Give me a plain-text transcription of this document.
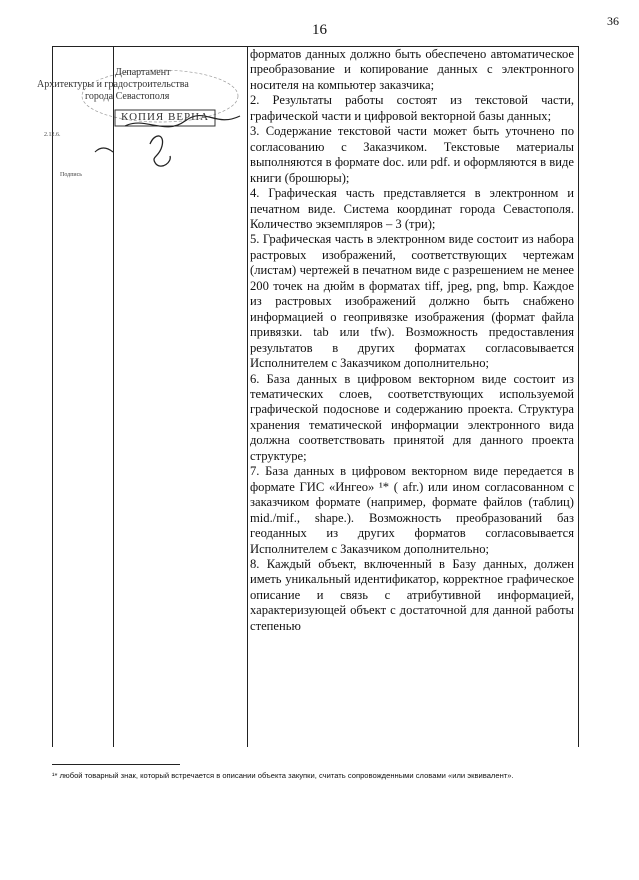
16
36

форматов данных должно быть обеспечено автоматическое преобразование и копирование данных с электронного носителя на компьютер заказчика;

2. Результаты работы состоят из текстовой части, графической части и цифровой векторной базы данных;

3. Содержание текстовой части может быть уточнено по согласованию с Заказчиком. Текстовые материалы выполняются в формате doc. или pdf. и оформляются в виде книги (брошюры);

4. Графическая часть представляется в электронном и печатном виде. Система координат города Севастополя. Количество экземпляров – 3 (три);

5. Графическая часть в электронном виде состоит из набора растровых изображений, соответствующих чертежам (листам) чертежей в печатном виде с разрешением не менее 200 точек на дюйм в форматах tiff, jpeg, png, bmp. Каждое из растровых изображений должно быть снабжено информацией о геопривязке изображения (формат файла привязки. tab или tfw). Возможность предоставления результатов в других форматах согласовывается Исполнителем с Заказчиком дополнительно;

6. База данных в цифровом векторном виде состоит из тематических слоев, соответствующих используемой графической подоснове и содержанию проекта. Структура хранения тематической информации электронного вида должна соответствовать принятой для данного проекта структуре;

7. База данных в цифровом векторном виде передается в формате ГИС «Ингео» ¹* ( afr.) или ином согласованном с заказчиком формате (например, формате файлов (таблиц) mid./mif., shape.). Возможность преобразований баз геоданных из других форматов согласовывается Исполнителем с Заказчиком дополнительно;

8. Каждый объект, включенный в Базу данных, должен иметь уникальный идентификатор, корректное графическое описание и связь с атрибутивной информацией, характеризующей объект с достаточной для данной работы степенью

Департамент
Архитектуры и градостроительства
города Севастополя
КОПИЯ ВЕРНА
2.12.6.
Подпись
¹* любой товарный знак, который встречается в описании объекта закупки, считать сопровожденными словами «или эквивалент».
